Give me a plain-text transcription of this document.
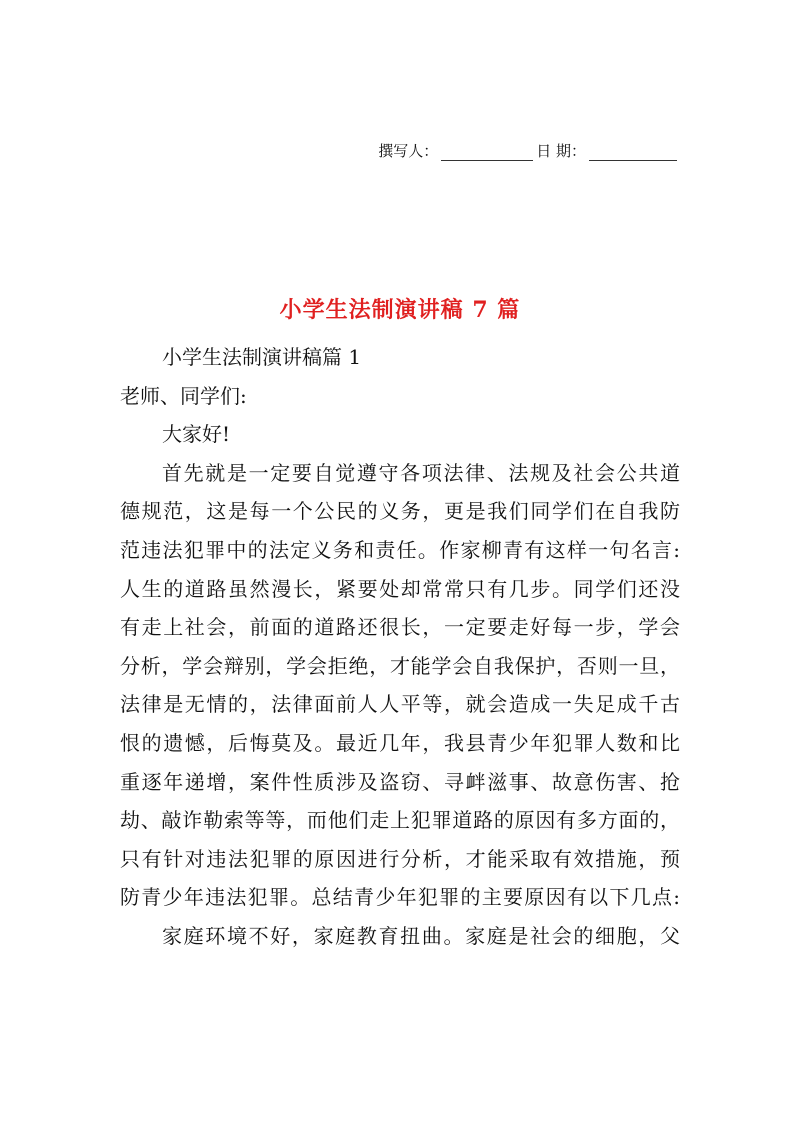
撰写人：	日 期：
小学生法制演讲稿 7 篇
小学生法制演讲稿篇 1
老师、同学们:
大家好!
首先就是一定要自觉遵守各项法律、法规及社会公共道
德规范，这是每一个公民的义务，更是我们同学们在自我防
范违法犯罪中的法定义务和责任。作家柳青有这样一句名言:
人生的道路虽然漫长，紧要处却常常只有几步。同学们还没
有走上社会，前面的道路还很长，一定要走好每一步，学会
分析，学会辩别，学会拒绝，才能学会自我保护，否则一旦，
法律是无情的，法律面前人人平等，就会造成一失足成千古
恨的遗憾，后悔莫及。最近几年，我县青少年犯罪人数和比
重逐年递增，案件性质涉及盗窃、寻衅滋事、故意伤害、抢
劫、敲诈勒索等等，而他们走上犯罪道路的原因有多方面的，
只有针对违法犯罪的原因进行分析，才能采取有效措施，预
防青少年违法犯罪。总结青少年犯罪的主要原因有以下几点:
家庭环境不好，家庭教育扭曲。家庭是社会的细胞，父
